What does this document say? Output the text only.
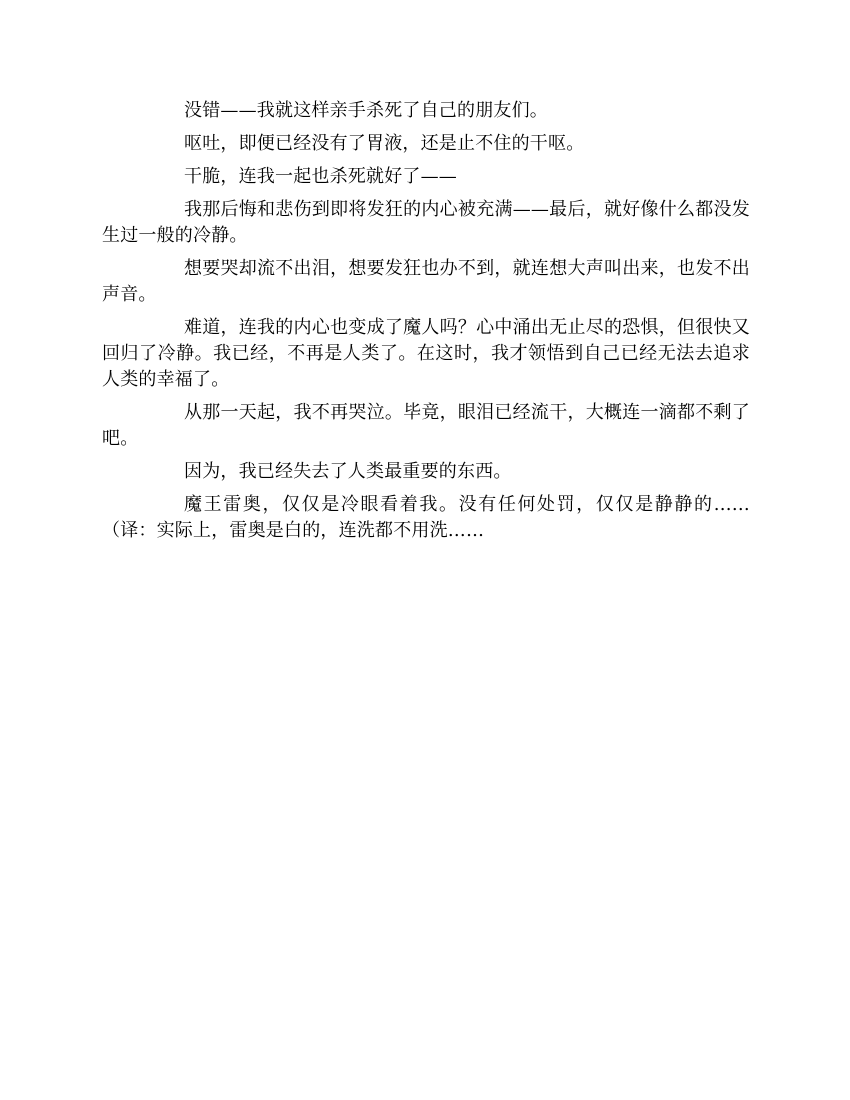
没错——我就这样亲手杀死了自己的朋友们。

呕吐，即便已经没有了胃液，还是止不住的干呕。

干脆，连我一起也杀死就好了——

我那后悔和悲伤到即将发狂的内心被充满——最后，就好像什么都没发生过一般的冷静。

想要哭却流不出泪，想要发狂也办不到，就连想大声叫出来，也发不出声音。

难道，连我的内心也变成了魔人吗？心中涌出无止尽的恐惧，但很快又回归了冷静。我已经，不再是人类了。在这时，我才领悟到自己已经无法去追求人类的幸福了。

从那一天起，我不再哭泣。毕竟，眼泪已经流干，大概连一滴都不剩了吧。

因为，我已经失去了人类最重要的东西。

魔王雷奥，仅仅是冷眼看着我。没有任何处罚，仅仅是静静的……（译：实际上，雷奥是白的，连洗都不用洗……
